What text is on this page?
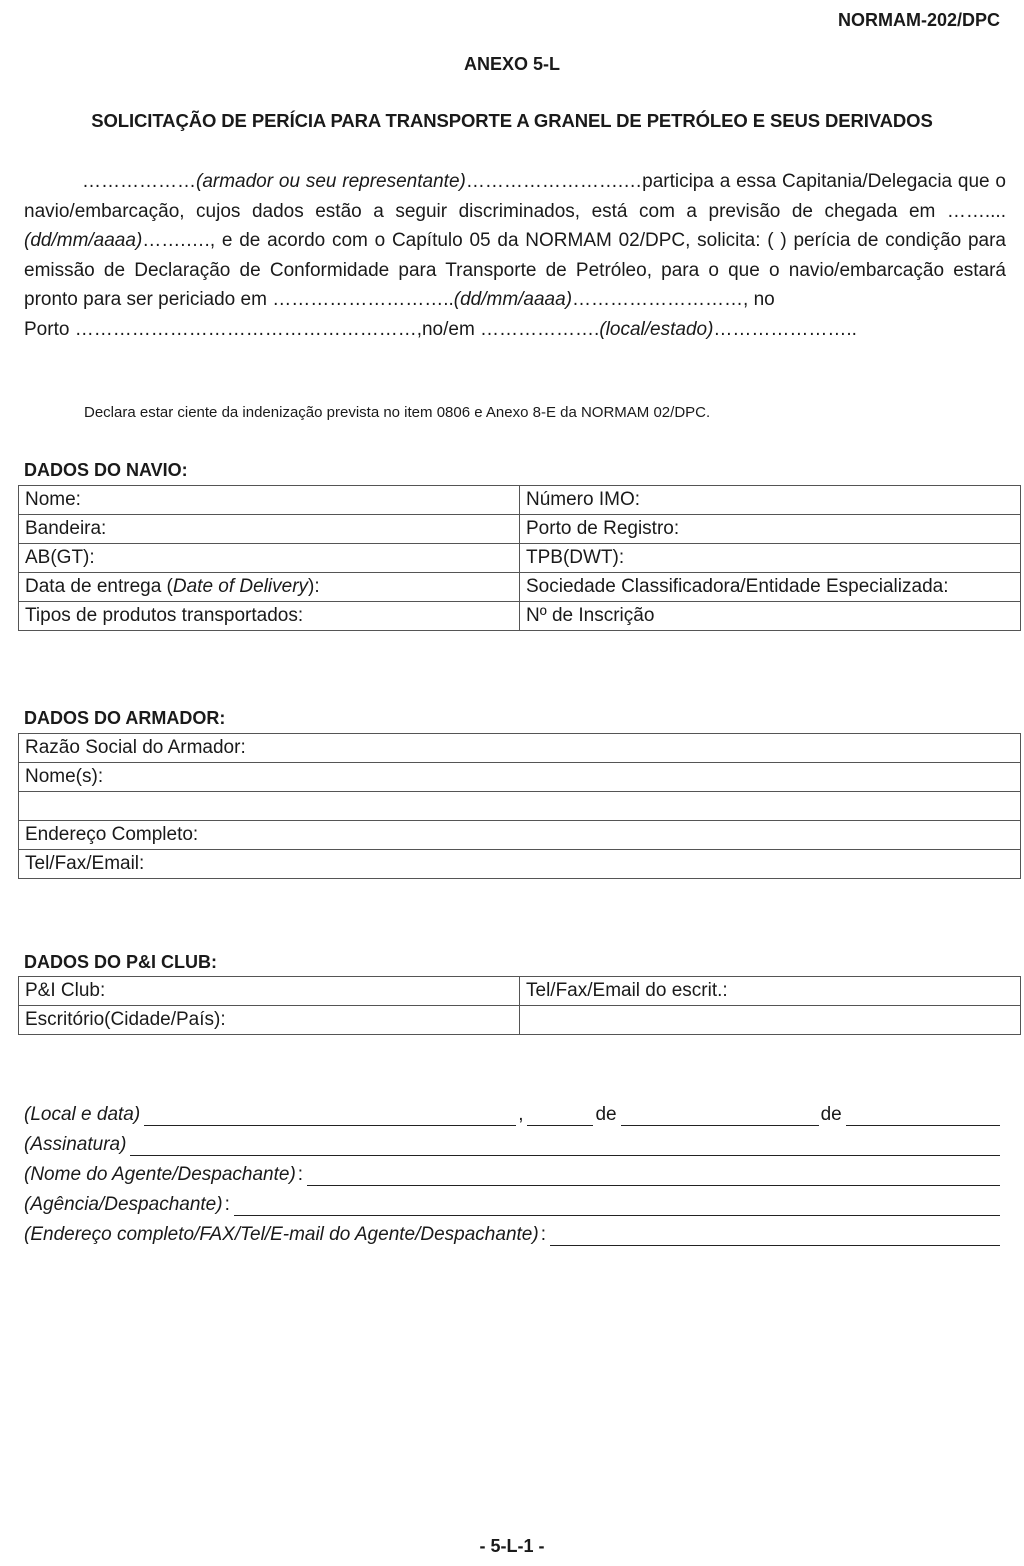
NORMAM-202/DPC
ANEXO 5-L
SOLICITAÇÃO DE PERÍCIA PARA TRANSPORTE A GRANEL DE PETRÓLEO E SEUS DERIVADOS

………………(armador ou seu representante)…………………….…participa a essa Capitania/Delegacia que o navio/embarcação, cujos dados estão a seguir discriminados, está com a previsão de chegada em ……....(dd/mm/aaaa)…….…., e de acordo com o Capítulo 05 da NORMAM 02/DPC, solicita: ( ) perícia de condição para emissão de Declaração de Conformidade para Transporte de Petróleo, para o que o navio/embarcação estará pronto para ser periciado em ………………………..(dd/mm/aaaa)………………………, no

Porto ………………………………………………,no/em ……………….(local/estado)…………………..
Declara estar ciente da indenização prevista no item 0806 e Anexo 8-E da NORMAM 02/DPC.
DADOS DO NAVIO:
Nome:	Número IMO:
Bandeira:	Porto de Registro:
AB(GT):	TPB(DWT):
Data de entrega (Date of Delivery):	Sociedade Classificadora/Entidade Especializada:
Tipos de produtos transportados:	Nº de Inscrição
DADOS DO ARMADOR:
Razão Social do Armador:
Nome(s):

Endereço Completo:
Tel/Fax/Email:
DADOS DO P&I CLUB:
P&I Club:	Tel/Fax/Email do escrit.:
Escritório(Cidade/País):	
(Local e data)	,	de	de
(Assinatura)
(Nome do Agente/Despachante) :
(Agência/Despachante) :
(Endereço completo/FAX/Tel/E-mail do Agente/Despachante) :
- 5-L-1 -
